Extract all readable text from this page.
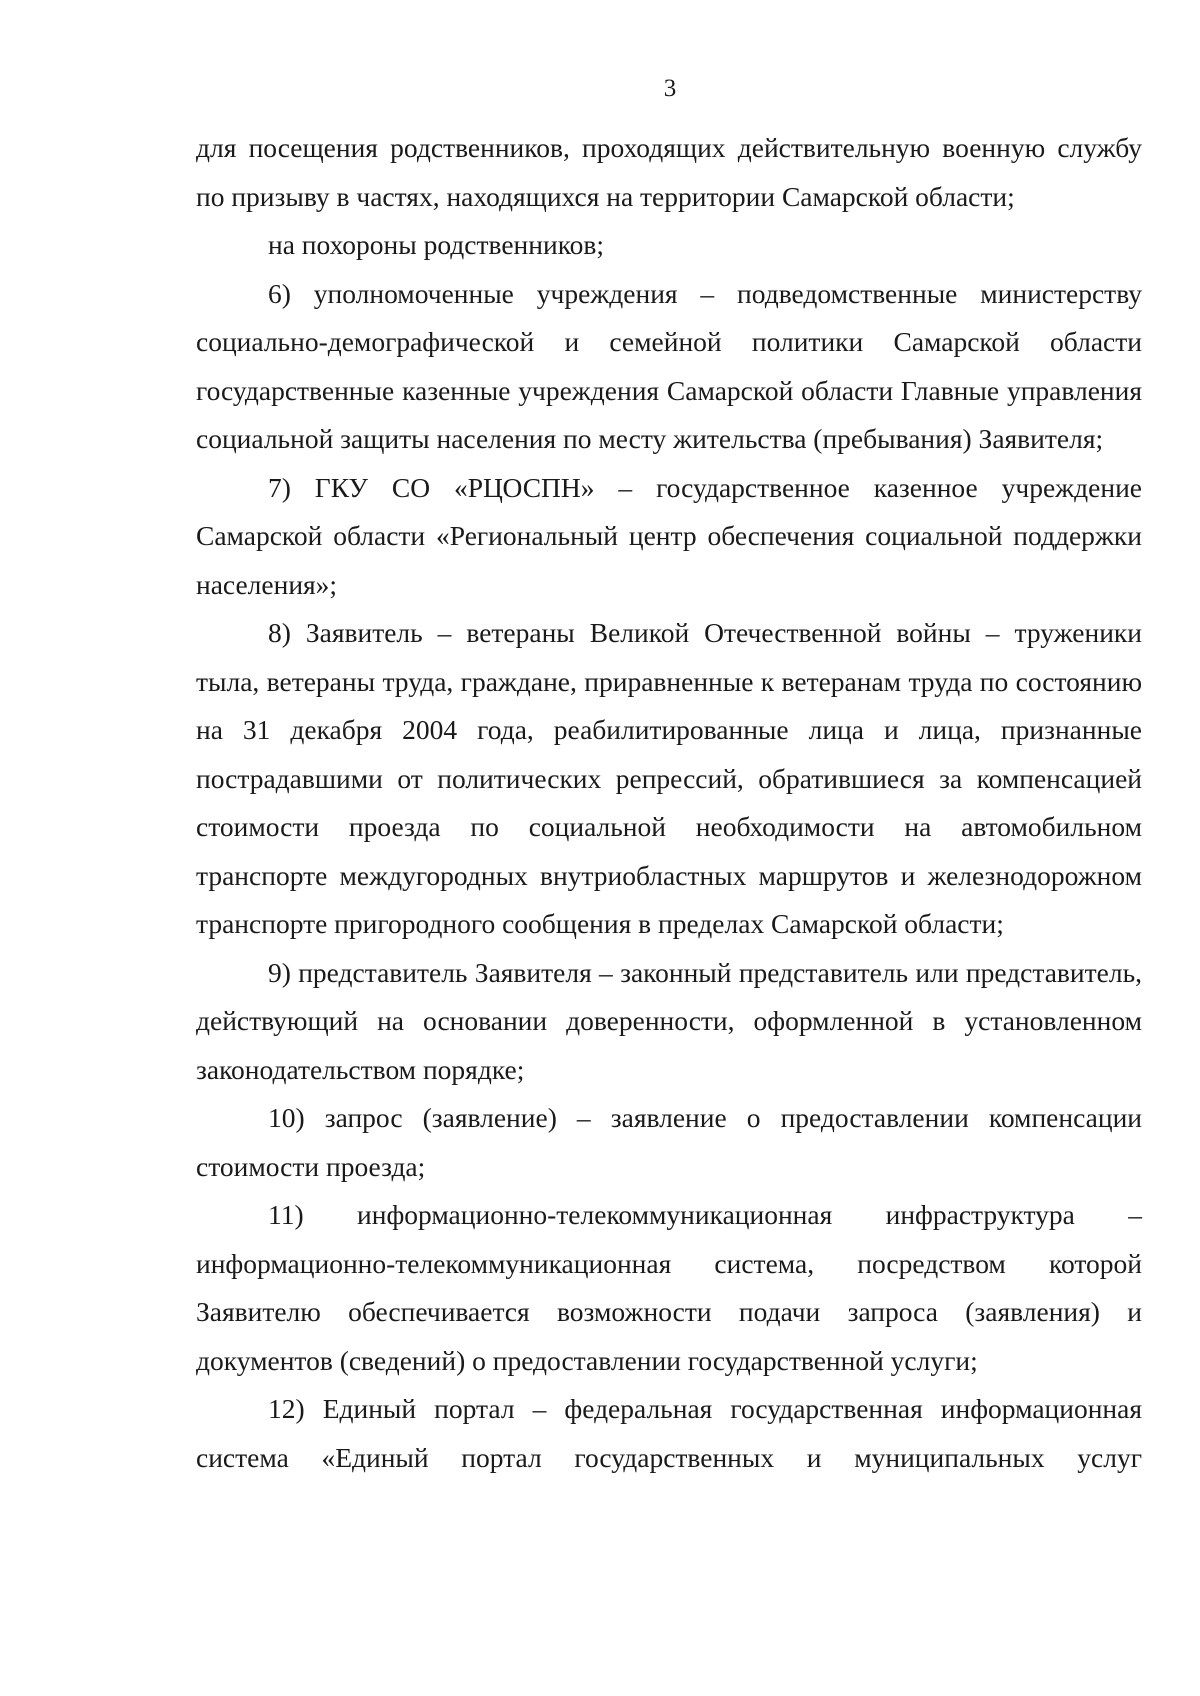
3

для посещения родственников, проходящих действительную военную службу по призыву в частях, находящихся на территории Самарской области;

на похороны родственников;

6) уполномоченные учреждения – подведомственные министерству социально-демографической и семейной политики Самарской области государственные казенные учреждения Самарской области Главные управления социальной защиты населения по месту жительства (пребывания) Заявителя;

7) ГКУ СО «РЦОСПН» – государственное казенное учреждение Самарской области «Региональный центр обеспечения социальной поддержки населения»;

8) Заявитель – ветераны Великой Отечественной войны – труженики тыла, ветераны труда, граждане, приравненные к ветеранам труда по состоянию на 31 декабря 2004 года, реабилитированные лица и лица, признанные пострадавшими от политических репрессий, обратившиеся за компенсацией стоимости проезда по социальной необходимости на автомобильном транспорте междугородных внутриобластных маршрутов и железнодорожном транспорте пригородного сообщения в пределах Самарской области;

9) представитель Заявителя – законный представитель или представитель, действующий на основании доверенности, оформленной в установленном законодательством порядке;

10) запрос (заявление) – заявление о предоставлении компенсации стоимости проезда;

11) информационно-телекоммуникационная инфраструктура – информационно-телекоммуникационная система, посредством которой Заявителю обеспечивается возможности подачи запроса (заявления) и документов (сведений) о предоставлении государственной услуги;

12) Единый портал – федеральная государственная информационная система «Единый портал государственных и муниципальных услуг
